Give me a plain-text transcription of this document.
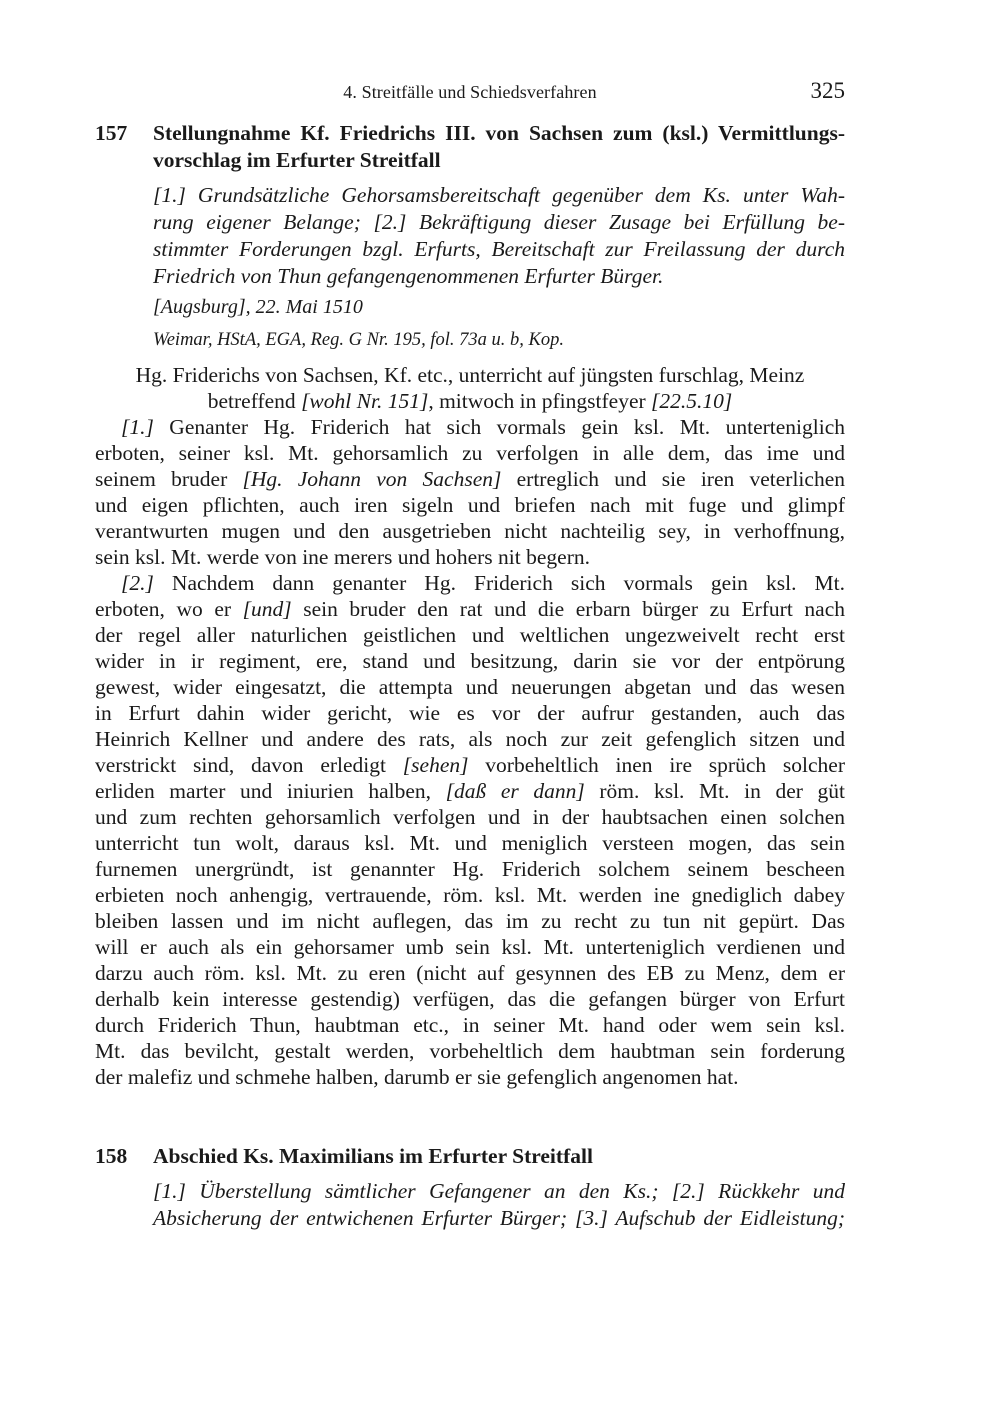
4. Streitfälle und Schiedsverfahren	325
157 Stellungnahme Kf. Friedrichs III. von Sachsen zum (ksl.) Vermittlungs-
vorschlag im Erfurter Streitfall
[1.] Grundsätzliche Gehorsamsbereitschaft gegenüber dem Ks. unter Wah-
rung eigener Belange; [2.] Bekräftigung dieser Zusage bei Erfüllung be-
stimmter Forderungen bzgl. Erfurts, Bereitschaft zur Freilassung der durch
Friedrich von Thun gefangengenommenen Erfurter Bürger.
[Augsburg], 22. Mai 1510
Weimar, HStA, EGA, Reg. G Nr. 195, fol. 73a u. b, Kop.
Hg. Friderichs von Sachsen, Kf. etc., unterricht auf jüngsten furschlag, Meinz
betreffend [wohl Nr. 151], mitwoch in pfingstfeyer [22.5.10]
[1.] Genanter Hg. Friderich hat sich vormals gein ksl. Mt. unterteniglich
erboten, seiner ksl. Mt. gehorsamlich zu verfolgen in alle dem, das ime und
seinem bruder [Hg. Johann von Sachsen] ertreglich und sie iren veterlichen
und eigen pflichten, auch iren sigeln und briefen nach mit fuge und glimpf
verantwurten mugen und den ausgetrieben nicht nachteilig sey, in verhoffnung,
sein ksl. Mt. werde von ine merers und hohers nit begern.
[2.] Nachdem dann genanter Hg. Friderich sich vormals gein ksl. Mt.
erboten, wo er [und] sein bruder den rat und die erbarn bürger zu Erfurt nach
der regel aller naturlichen geistlichen und weltlichen ungezweivelt recht erst
wider in ir regiment, ere, stand und besitzung, darin sie vor der entpörung
gewest, wider eingesatzt, die attempta und neuerungen abgetan und das wesen
in Erfurt dahin wider gericht, wie es vor der aufrur gestanden, auch das
Heinrich Kellner und andere des rats, als noch zur zeit gefenglich sitzen und
verstrickt sind, davon erledigt [sehen] vorbeheltlich inen ire sprüch solcher
erliden marter und iniurien halben, [daß er dann] röm. ksl. Mt. in der güt
und zum rechten gehorsamlich verfolgen und in der haubtsachen einen solchen
unterricht tun wolt, daraus ksl. Mt. und meniglich versteen mogen, das sein
furnemen unergründt, ist genannter Hg. Friderich solchem seinem bescheen
erbieten noch anhengig, vertrauende, röm. ksl. Mt. werden ine gnediglich dabey
bleiben lassen und im nicht auflegen, das im zu recht zu tun nit gepürt. Das
will er auch als ein gehorsamer umb sein ksl. Mt. unterteniglich verdienen und
darzu auch röm. ksl. Mt. zu eren (nicht auf gesynnen des EB zu Menz, dem er
derhalb kein interesse gestendig) verfügen, das die gefangen bürger von Erfurt
durch Friderich Thun, haubtman etc., in seiner Mt. hand oder wem sein ksl.
Mt. das bevilcht, gestalt werden, vorbeheltlich dem haubtman sein forderung
der malefiz und schmehe halben, darumb er sie gefenglich angenomen hat.
158 Abschied Ks. Maximilians im Erfurter Streitfall
[1.] Überstellung sämtlicher Gefangener an den Ks.; [2.] Rückkehr und
Absicherung der entwichenen Erfurter Bürger; [3.] Aufschub der Eidleistung;
